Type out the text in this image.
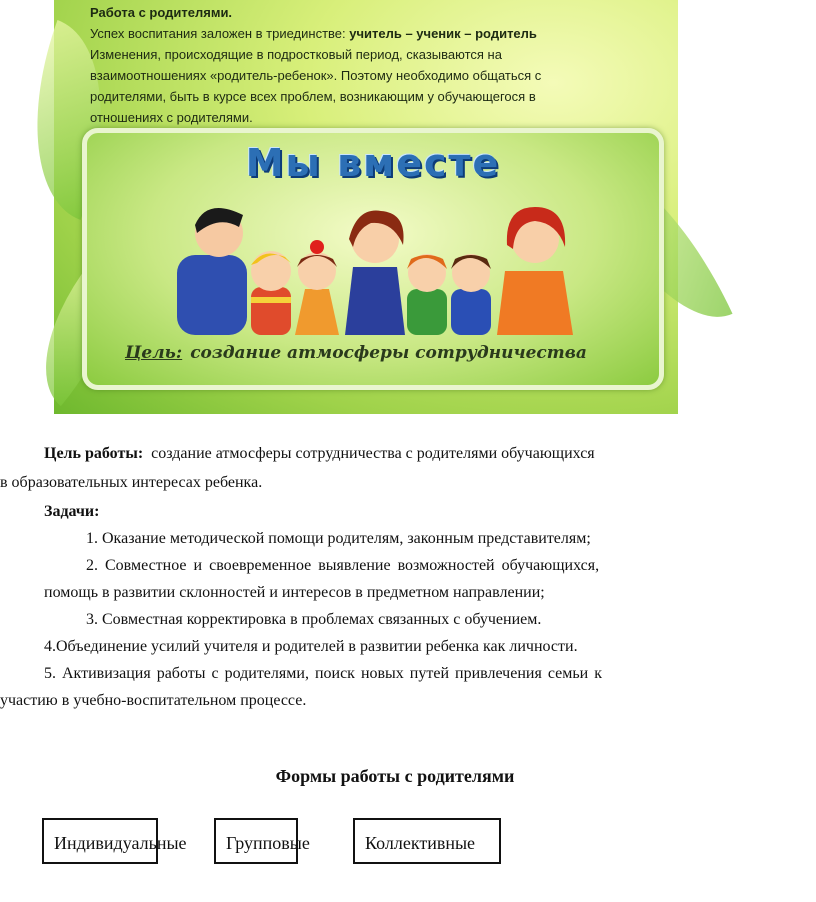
Работа с родителями.
Успех воспитания заложен в триединстве: учитель – ученик – родитель
Изменения, происходящие в подростковый период, сказываются на
взаимоотношениях «родитель-ребенок». Поэтому необходимо общаться с
родителями, быть в курсе всех проблем, возникающим у обучающегося в
отношениях с родителями.
Мы вместе
Цель: создание атмосферы сотрудничества
Цель работы: создание атмосферы сотрудничества с родителями обучающихся
в образовательных интересах ребенка.
Задачи:
1. Оказание методической помощи родителям, законным представителям;
2. Совместное и своевременное выявление возможностей обучающихся,
помощь в развитии склонностей и интересов в предметном направлении;
3. Совместная корректировка в проблемах связанных с обучением.
4.Объединение усилий учителя и родителей в развитии ребенка как личности.
5. Активизация работы с родителями, поиск новых путей привлечения семьи к
участию в учебно-воспитательном процессе.
Формы работы с родителями
Индивидуальные	Групповые	Коллективные
